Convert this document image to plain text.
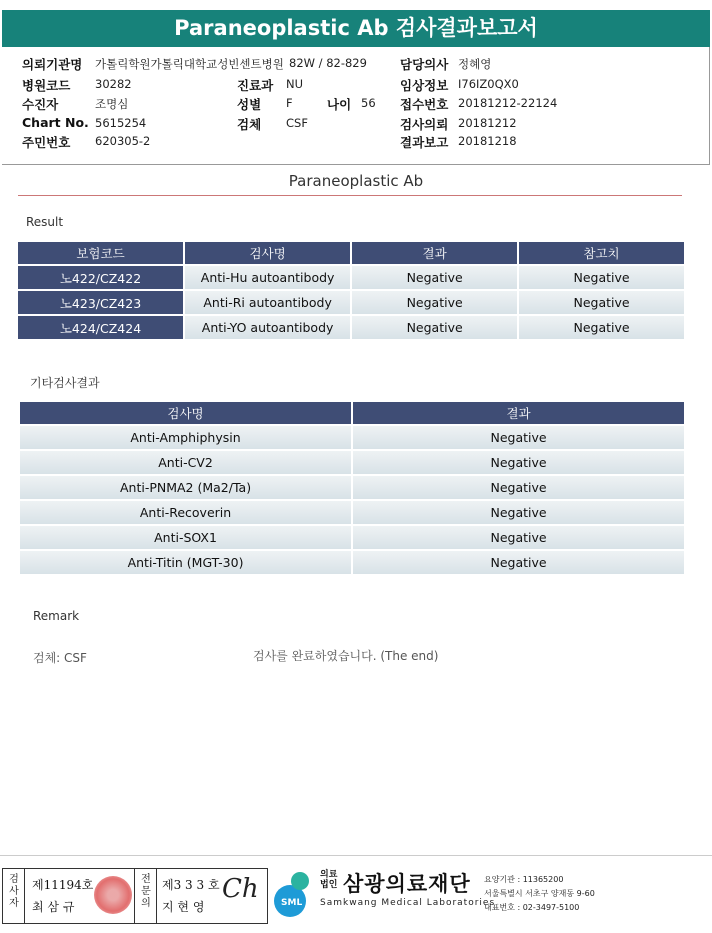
Paraneoplastic Ab 검사결과보고서
의뢰기관명 가톨릭학원가톨릭대학교성빈센트병원 82W / 82-829
병원코드 30282
수진자	조명심
Chart No. 5615254
주민번호 620305-2
진료과 NU
성별 F
검체 CSF
나이 56
담당의사 정혜영
임상정보 I76IZ0QX0
접수번호 20181212-22124
검사의뢰 20181212
결과보고 20181218
Paraneoplastic Ab
Result
보험코드	검사명	결과	참고치
노422/CZ422	Anti-Hu autoantibody	Negative	Negative
노423/CZ423	Anti-Ri autoantibody	Negative	Negative
노424/CZ424	Anti-YO autoantibody	Negative	Negative
기타검사결과
검사명	결과
Anti-Amphiphysin	Negative
Anti-CV2	Negative
Anti-PNMA2 (Ma2/Ta)	Negative
Anti-Recoverin	Negative
Anti-SOX1	Negative
Anti-Titin (MGT-30)	Negative
Remark
검체: CSF	검사를 완료하였습니다. (The end)
검사자
제11194호
최 삼 규
전문의
제3 3 3 호
지 현 영
Ch SML
의료
법인 삼광의료재단
Samkwang Medical Laboratories
요양기관 : 11365200
서울특별시 서초구 양재동 9-60
대표번호 : 02-3497-5100
